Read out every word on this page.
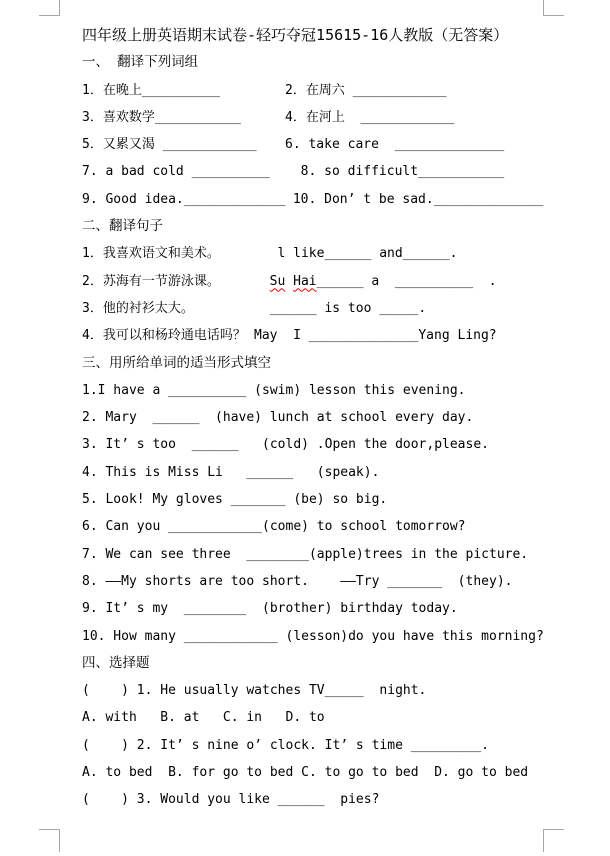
四年级上册英语期末试卷-轻巧夺冠15615-16人教版（无答案）
一、 翻译下列词组
1．在晚上__________	2．在周六 ____________
3．喜欢数学___________	4．在河上  ____________
5．又累又渴 ____________	6. take care  ______________
7. a bad cold __________	8. so difficult___________
9. Good idea._____________ 10. Don’ t be sad.______________
二、翻译句子
1．我喜欢语文和美术。	l like______ and______.
2．苏海有一节游泳课。	Su Hai______ a  __________  .
3．他的衬衫太大。	______ is too _____.
4．我可以和杨玲通电话吗？ May  I ______________Yang Ling?
三、用所给单词的适当形式填空
1.I have a __________ (swim) lesson this evening.
2. Mary  ______  (have) lunch at school every day.
3. It’ s too  ______   (cold) .Open the door,please.
4. This is Miss Li   ______   (speak).
5. Look! My gloves _______ (be) so big.
6. Can you ____________(come) to school tomorrow?
7. We can see three  ________(apple)trees in the picture.
8. ——My shorts are too short.    ——Try _______  (they).
9. It’ s my  ________  (brother) birthday today.
10. How many ____________ (lesson)do you have this morning?
四、选择题
(    ) 1. He usually watches TV_____  night.
A. with   B. at   C. in   D. to
(    ) 2. It’ s nine o’ clock. It’ s time _________.
A. to bed  B. for go to bed C. to go to bed  D. go to bed
(    ) 3. Would you like ______  pies?
